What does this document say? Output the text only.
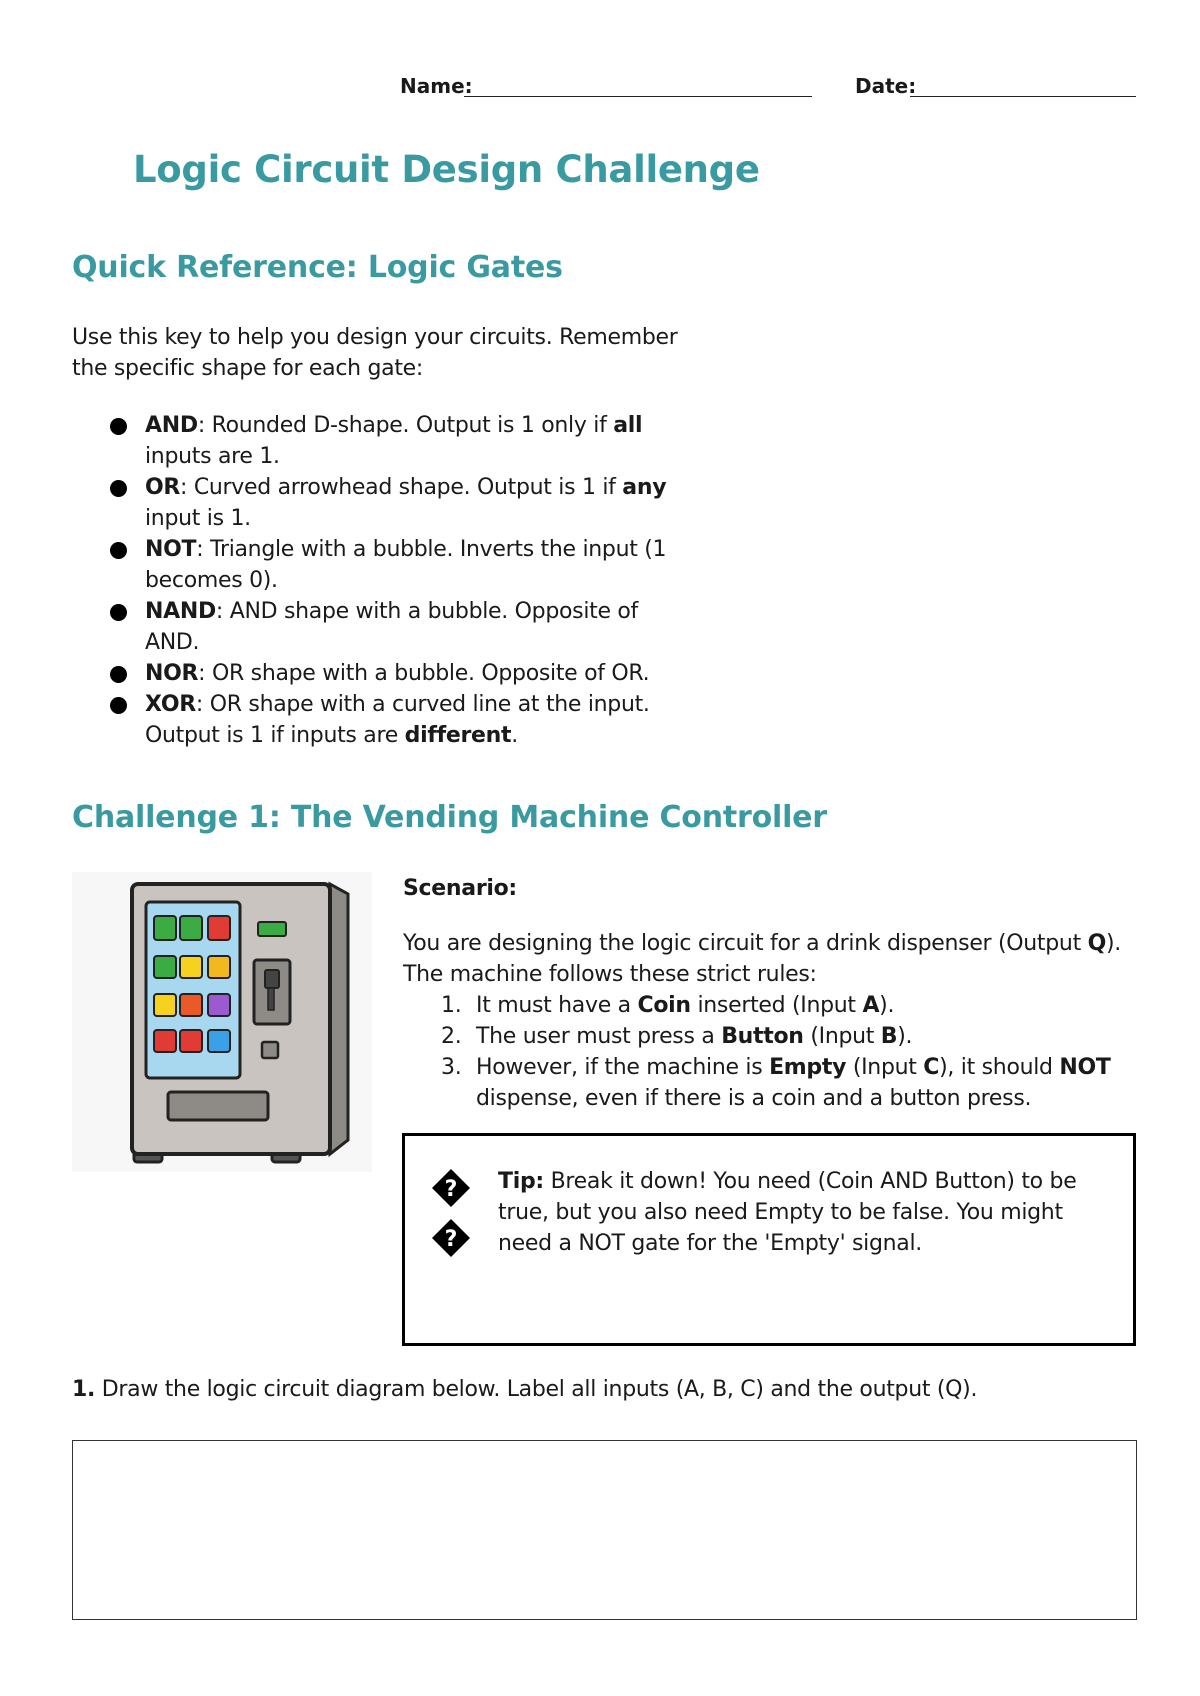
Name:	Date:
Logic Circuit Design Challenge
Quick Reference: Logic Gates
Use this key to help you design your circuits. Remember the specific shape for each gate:
AND: Rounded D-shape. Output is 1 only if all inputs are 1.
OR: Curved arrowhead shape. Output is 1 if any input is 1.
NOT: Triangle with a bubble. Inverts the input (1 becomes 0).
NAND: AND shape with a bubble. Opposite of AND.
NOR: OR shape with a bubble. Opposite of OR.
XOR: OR shape with a curved line at the input. Output is 1 if inputs are different.
Challenge 1: The Vending Machine Controller
Scenario:
You are designing the logic circuit for a drink dispenser (Output Q). The machine follows these strict rules:
1. It must have a Coin inserted (Input A).
2. The user must press a Button (Input B).
3. However, if the machine is Empty (Input C), it should NOT dispense, even if there is a coin and a button press.
?
?
Tip: Break it down! You need (Coin AND Button) to be true, but you also need Empty to be false. You might need a NOT gate for the 'Empty' signal.
1. Draw the logic circuit diagram below. Label all inputs (A, B, C) and the output (Q).
